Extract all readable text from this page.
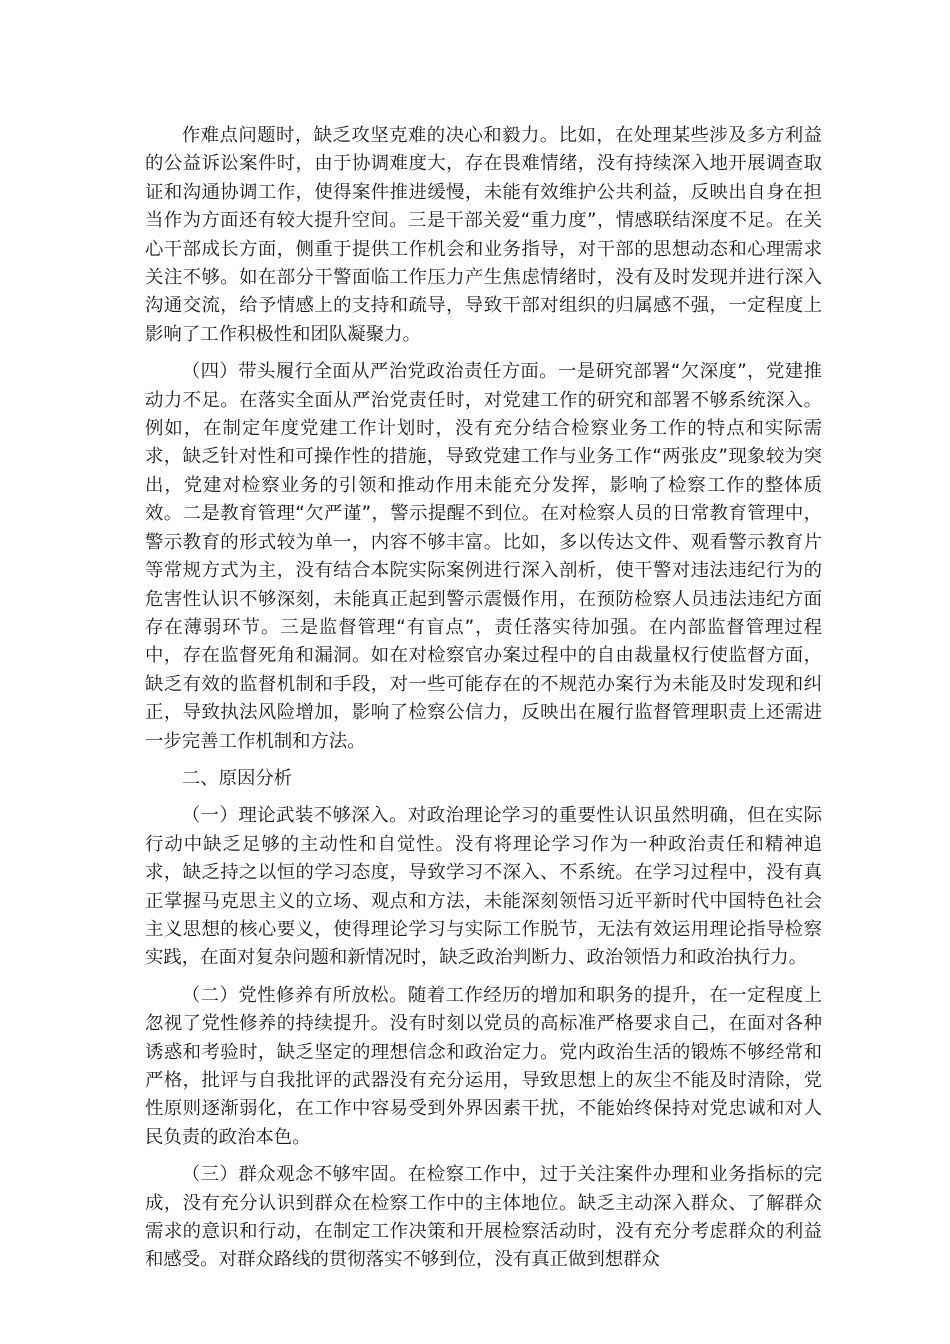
作难点问题时，缺乏攻坚克难的决心和毅力。比如，在处理某些涉及多方利益的公益诉讼案件时，由于协调难度大，存在畏难情绪，没有持续深入地开展调查取证和沟通协调工作，使得案件推进缓慢，未能有效维护公共利益，反映出自身在担当作为方面还有较大提升空间。三是干部关爱“重力度”，情感联结深度不足。在关心干部成长方面，侧重于提供工作机会和业务指导，对干部的思想动态和心理需求关注不够。如在部分干警面临工作压力产生焦虑情绪时，没有及时发现并进行深入沟通交流，给予情感上的支持和疏导，导致干部对组织的归属感不强，一定程度上影响了工作积极性和团队凝聚力。

（四）带头履行全面从严治党政治责任方面。一是研究部署“欠深度”，党建推动力不足。在落实全面从严治党责任时，对党建工作的研究和部署不够系统深入。例如，在制定年度党建工作计划时，没有充分结合检察业务工作的特点和实际需求，缺乏针对性和可操作性的措施，导致党建工作与业务工作“两张皮”现象较为突出，党建对检察业务的引领和推动作用未能充分发挥，影响了检察工作的整体质效。二是教育管理“欠严谨”，警示提醒不到位。在对检察人员的日常教育管理中，警示教育的形式较为单一，内容不够丰富。比如，多以传达文件、观看警示教育片等常规方式为主，没有结合本院实际案例进行深入剖析，使干警对违法违纪行为的危害性认识不够深刻，未能真正起到警示震慑作用，在预防检察人员违法违纪方面存在薄弱环节。三是监督管理“有盲点”，责任落实待加强。在内部监督管理过程中，存在监督死角和漏洞。如在对检察官办案过程中的自由裁量权行使监督方面，缺乏有效的监督机制和手段，对一些可能存在的不规范办案行为未能及时发现和纠正，导致执法风险增加，影响了检察公信力，反映出在履行监督管理职责上还需进一步完善工作机制和方法。

二、原因分析

（一）理论武装不够深入。对政治理论学习的重要性认识虽然明确，但在实际行动中缺乏足够的主动性和自觉性。没有将理论学习作为一种政治责任和精神追求，缺乏持之以恒的学习态度，导致学习不深入、不系统。在学习过程中，没有真正掌握马克思主义的立场、观点和方法，未能深刻领悟习近平新时代中国特色社会主义思想的核心要义，使得理论学习与实际工作脱节，无法有效运用理论指导检察实践，在面对复杂问题和新情况时，缺乏政治判断力、政治领悟力和政治执行力。

（二）党性修养有所放松。随着工作经历的增加和职务的提升，在一定程度上忽视了党性修养的持续提升。没有时刻以党员的高标准严格要求自己，在面对各种诱惑和考验时，缺乏坚定的理想信念和政治定力。党内政治生活的锻炼不够经常和严格，批评与自我批评的武器没有充分运用，导致思想上的灰尘不能及时清除，党性原则逐渐弱化，在工作中容易受到外界因素干扰，不能始终保持对党忠诚和对人民负责的政治本色。

（三）群众观念不够牢固。在检察工作中，过于关注案件办理和业务指标的完成，没有充分认识到群众在检察工作中的主体地位。缺乏主动深入群众、了解群众需求的意识和行动，在制定工作决策和开展检察活动时，没有充分考虑群众的利益和感受。对群众路线的贯彻落实不够到位，没有真正做到想群众
